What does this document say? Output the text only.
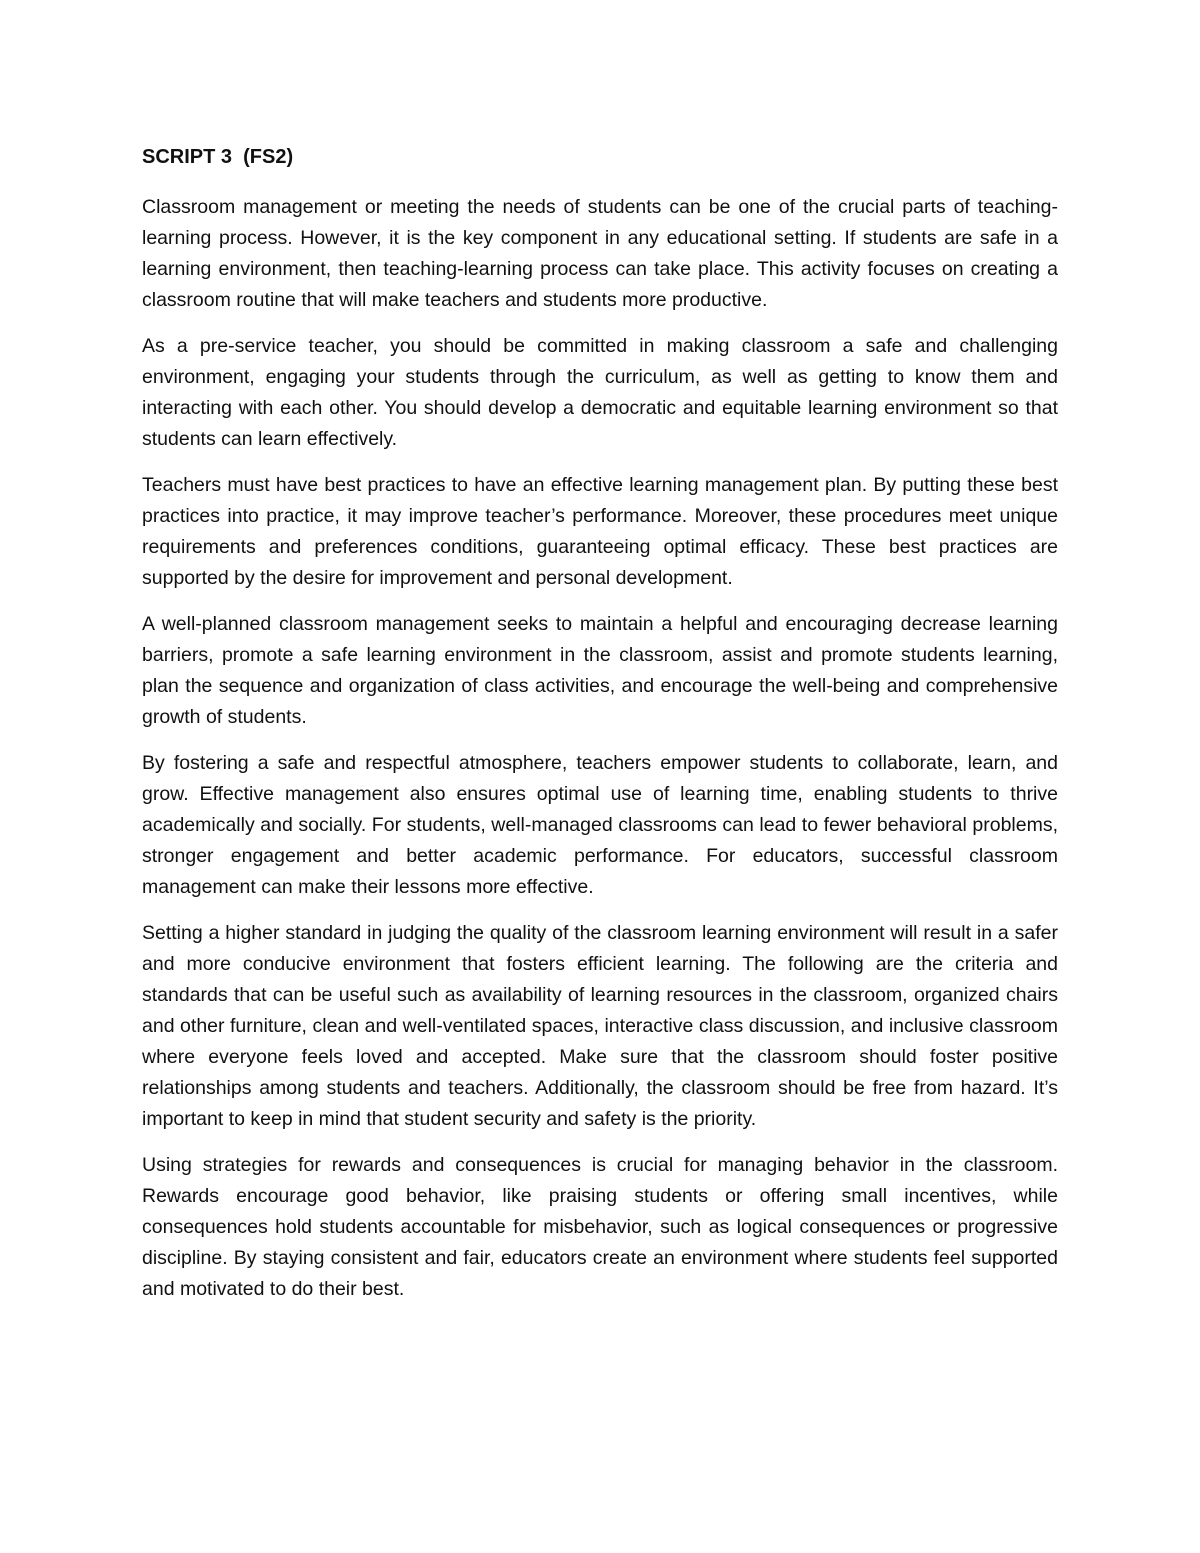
SCRIPT 3  (FS2)

Classroom management or meeting the needs of students can be one of the crucial parts of teaching-learning process. However, it is the key component in any educational setting. If students are safe in a learning environment, then teaching-learning process can take place. This activity focuses on creating a classroom routine that will make teachers and students more productive.

As a pre-service teacher, you should be committed in making classroom a safe and challenging environment, engaging your students through the curriculum, as well as getting to know them and interacting with each other. You should develop a democratic and equitable learning environment so that students can learn effectively.

Teachers must have best practices to have an effective learning management plan. By putting these best practices into practice, it may improve teacher’s performance. Moreover, these procedures meet unique requirements and preferences conditions, guaranteeing optimal efficacy. These best practices are supported by the desire for improvement and personal development.

A well-planned classroom management seeks to maintain a helpful and encouraging decrease learning barriers, promote a safe learning environment in the classroom, assist and promote students learning, plan the sequence and organization of class activities, and encourage the well-being and comprehensive growth of students.

By fostering a safe and respectful atmosphere, teachers empower students to collaborate, learn, and grow. Effective management also ensures optimal use of learning time, enabling students to thrive academically and socially. For students, well-managed classrooms can lead to fewer behavioral problems, stronger engagement and better academic performance. For educators, successful classroom management can make their lessons more effective.

Setting a higher standard in judging the quality of the classroom learning environment will result in a safer and more conducive environment that fosters efficient learning. The following are the criteria and standards that can be useful such as availability of learning resources in the classroom, organized chairs and other furniture, clean and well-ventilated spaces, interactive class discussion, and inclusive classroom where everyone feels loved and accepted. Make sure that the classroom should foster positive relationships among students and teachers. Additionally, the classroom should be free from hazard. It’s important to keep in mind that student security and safety is the priority.

Using strategies for rewards and consequences is crucial for managing behavior in the classroom. Rewards encourage good behavior, like praising students or offering small incentives, while consequences hold students accountable for misbehavior, such as logical consequences or progressive discipline. By staying consistent and fair, educators create an environment where students feel supported and motivated to do their best.
